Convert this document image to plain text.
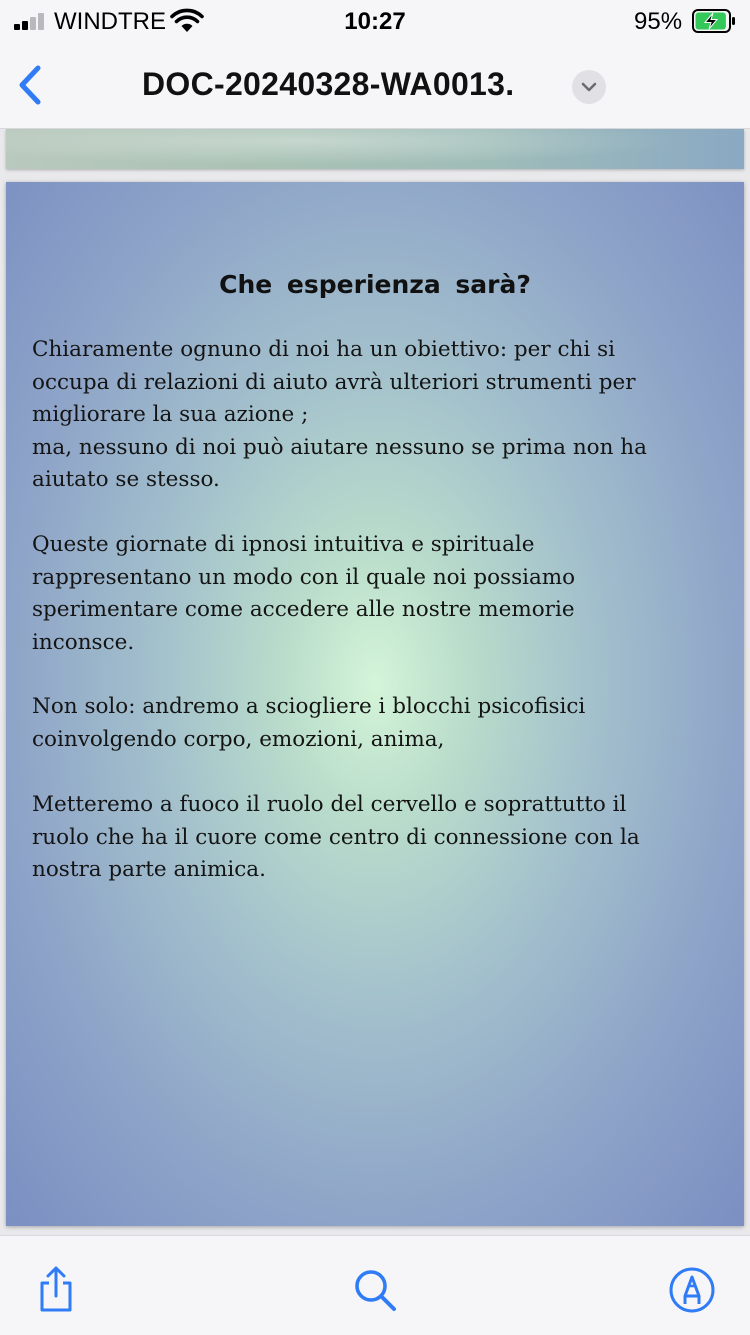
WINDTRE	10:27	95%
DOC-20240328-WA0013.
Che esperienza sarà?

Chiaramente ognuno di noi ha un obiettivo: per chi si
occupa di relazioni di aiuto avrà ulteriori strumenti per
migliorare la sua azione ;
ma, nessuno di noi può aiutare nessuno se prima non ha
aiutato se stesso.

Queste giornate di ipnosi intuitiva e spirituale
rappresentano un modo con il quale noi possiamo
sperimentare come accedere alle nostre memorie
inconsce.

Non solo: andremo a sciogliere i blocchi psicofisici
coinvolgendo corpo, emozioni, anima,

Metteremo a fuoco il ruolo del cervello e soprattutto il
ruolo che ha il cuore come centro di connessione con la
nostra parte animica.
